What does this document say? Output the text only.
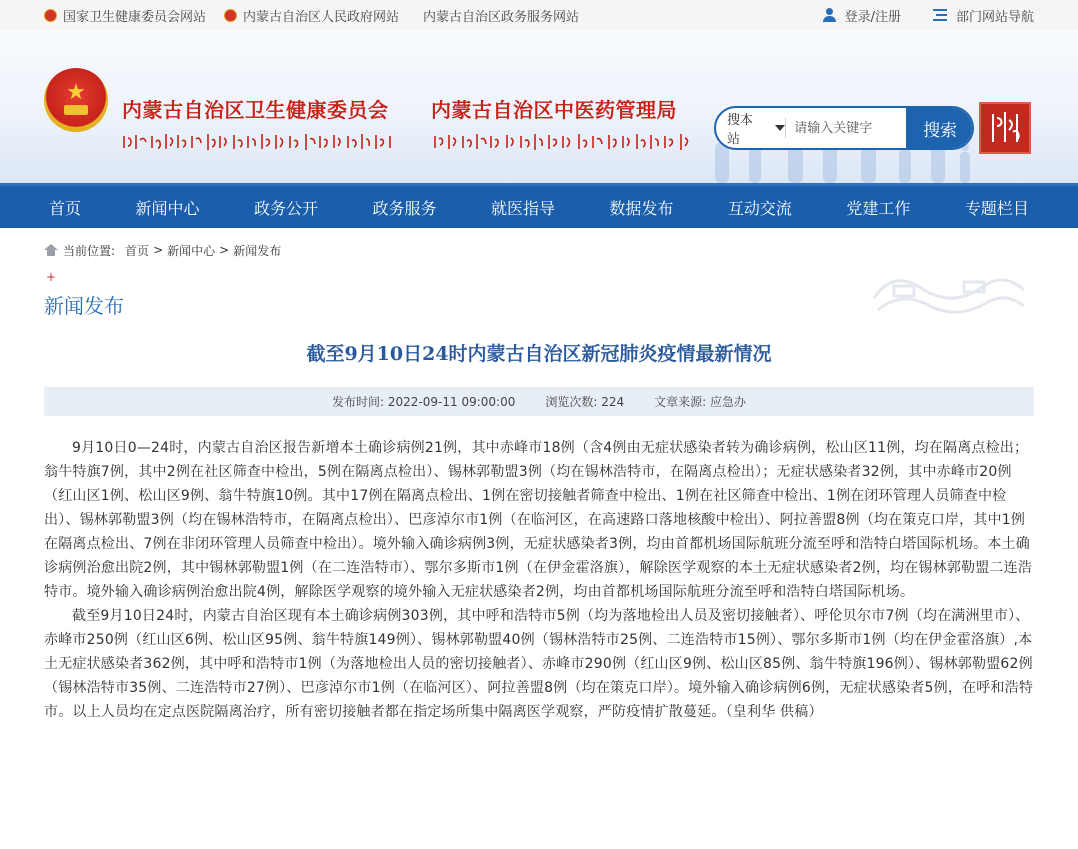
国家卫生健康委员会网站	内蒙古自治区人民政府网站 内蒙古自治区政务服务网站	登录/注册	部门网站导航
★
内蒙古自治区卫生健康委员会 内蒙古自治区中医药管理局	搜本站
请输入关键字	搜索
首页	新闻中心	政务公开	政务服务	就医指导	数据发布	互动交流	党建工作	专题栏目
当前位置: 首页 > 新闻中心 > 新闻发布
+
新闻发布
截至9月10日24时内蒙古自治区新冠肺炎疫情最新情况
发布时间: 2022-09-11 09:00:00	浏览次数: 224	文章来源: 应急办

9月10日0—24时，内蒙古自治区报告新增本土确诊病例21例，其中赤峰市18例（含4例由无症状感染者转为确诊病例，松山区11例，均在隔离点检出；翁牛特旗7例，其中2例在社区筛查中检出，5例在隔离点检出）、锡林郭勒盟3例（均在锡林浩特市，在隔离点检出）；无症状感染者32例，其中赤峰市20例（红山区1例、松山区9例、翁牛特旗10例。其中17例在隔离点检出、1例在密切接触者筛查中检出、1例在社区筛查中检出、1例在闭环管理人员筛查中检出）、锡林郭勒盟3例（均在锡林浩特市，在隔离点检出）、巴彦淖尔市1例（在临河区，在高速路口落地核酸中检出）、阿拉善盟8例（均在策克口岸，其中1例在隔离点检出、7例在非闭环管理人员筛查中检出）。境外输入确诊病例3例，无症状感染者3例，均由首都机场国际航班分流至呼和浩特白塔国际机场。本土确诊病例治愈出院2例，其中锡林郭勒盟1例（在二连浩特市）、鄂尔多斯市1例（在伊金霍洛旗），解除医学观察的本土无症状感染者2例，均在锡林郭勒盟二连浩特市。境外输入确诊病例治愈出院4例，解除医学观察的境外输入无症状感染者2例，均由首都机场国际航班分流至呼和浩特白塔国际机场。

截至9月10日24时，内蒙古自治区现有本土确诊病例303例，其中呼和浩特市5例（均为落地检出人员及密切接触者）、呼伦贝尔市7例（均在满洲里市）、赤峰市250例（红山区6例、松山区95例、翁牛特旗149例）、锡林郭勒盟40例（锡林浩特市25例、二连浩特市15例）、鄂尔多斯市1例（均在伊金霍洛旗）,本土无症状感染者362例，其中呼和浩特市1例（为落地检出人员的密切接触者）、赤峰市290例（红山区9例、松山区85例、翁牛特旗196例）、锡林郭勒盟62例（锡林浩特市35例、二连浩特市27例）、巴彦淖尔市1例（在临河区）、阿拉善盟8例（均在策克口岸）。境外输入确诊病例6例，无症状感染者5例，在呼和浩特市。以上人员均在定点医院隔离治疗，所有密切接触者都在指定场所集中隔离医学观察，严防疫情扩散蔓延。（皇利华 供稿）
